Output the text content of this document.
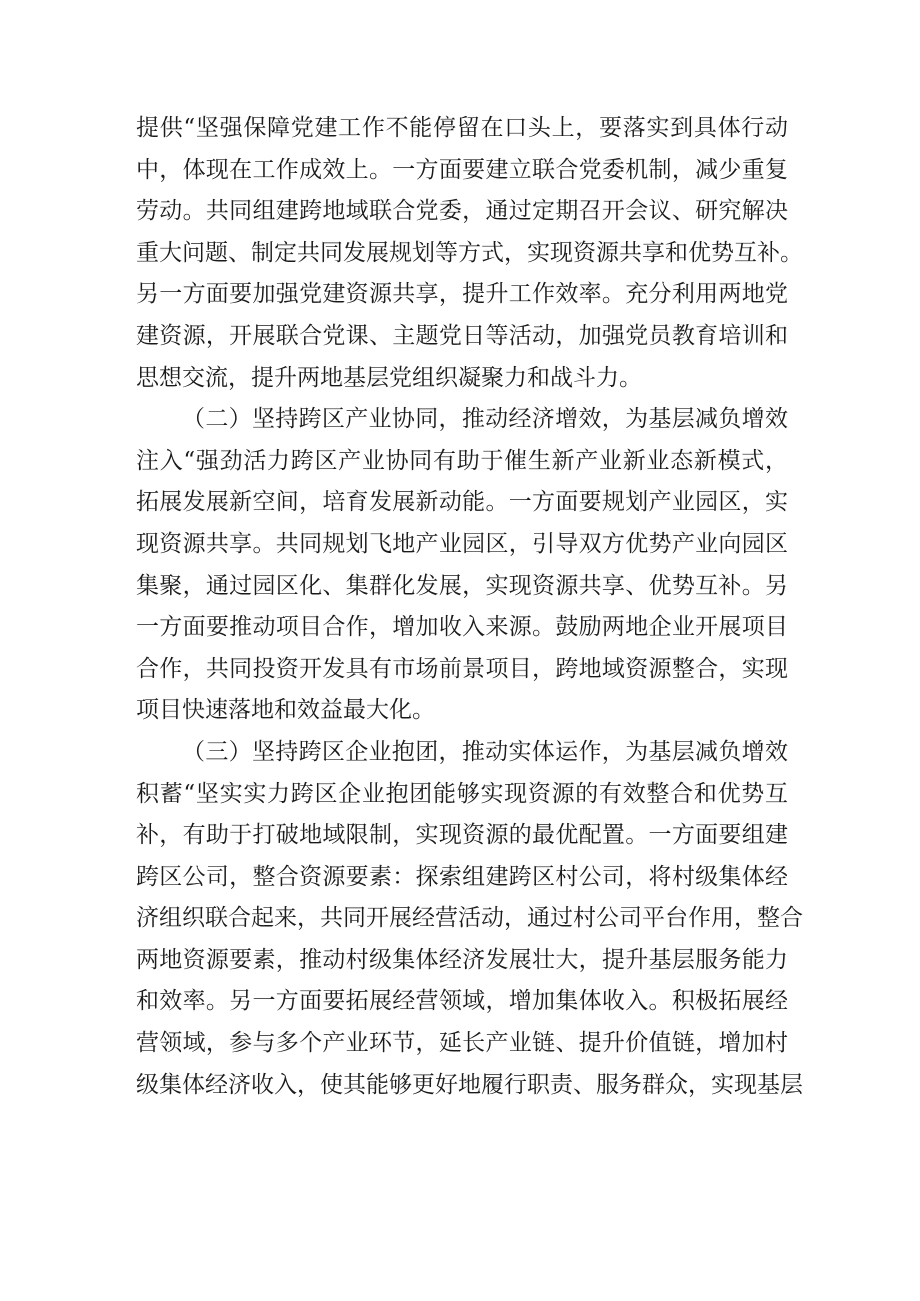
提供“坚强保障党建工作不能停留在口头上，要落实到具体行动
中，体现在工作成效上。一方面要建立联合党委机制，减少重复
劳动。共同组建跨地域联合党委，通过定期召开会议、研究解决
重大问题、制定共同发展规划等方式，实现资源共享和优势互补。
另一方面要加强党建资源共享，提升工作效率。充分利用两地党
建资源，开展联合党课、主题党日等活动，加强党员教育培训和
思想交流，提升两地基层党组织凝聚力和战斗力。
（二）坚持跨区产业协同，推动经济增效，为基层减负增效
注入“强劲活力跨区产业协同有助于催生新产业新业态新模式，
拓展发展新空间，培育发展新动能。一方面要规划产业园区，实
现资源共享。共同规划飞地产业园区，引导双方优势产业向园区
集聚，通过园区化、集群化发展，实现资源共享、优势互补。另
一方面要推动项目合作，增加收入来源。鼓励两地企业开展项目
合作，共同投资开发具有市场前景项目，跨地域资源整合，实现
项目快速落地和效益最大化。
（三）坚持跨区企业抱团，推动实体运作，为基层减负增效
积蓄“坚实实力跨区企业抱团能够实现资源的有效整合和优势互
补，有助于打破地域限制，实现资源的最优配置。一方面要组建
跨区公司，整合资源要素：探索组建跨区村公司，将村级集体经
济组织联合起来，共同开展经营活动，通过村公司平台作用，整合
两地资源要素，推动村级集体经济发展壮大，提升基层服务能力
和效率。另一方面要拓展经营领域，增加集体收入。积极拓展经
营领域，参与多个产业环节，延长产业链、提升价值链，增加村
级集体经济收入，使其能够更好地履行职责、服务群众，实现基层
